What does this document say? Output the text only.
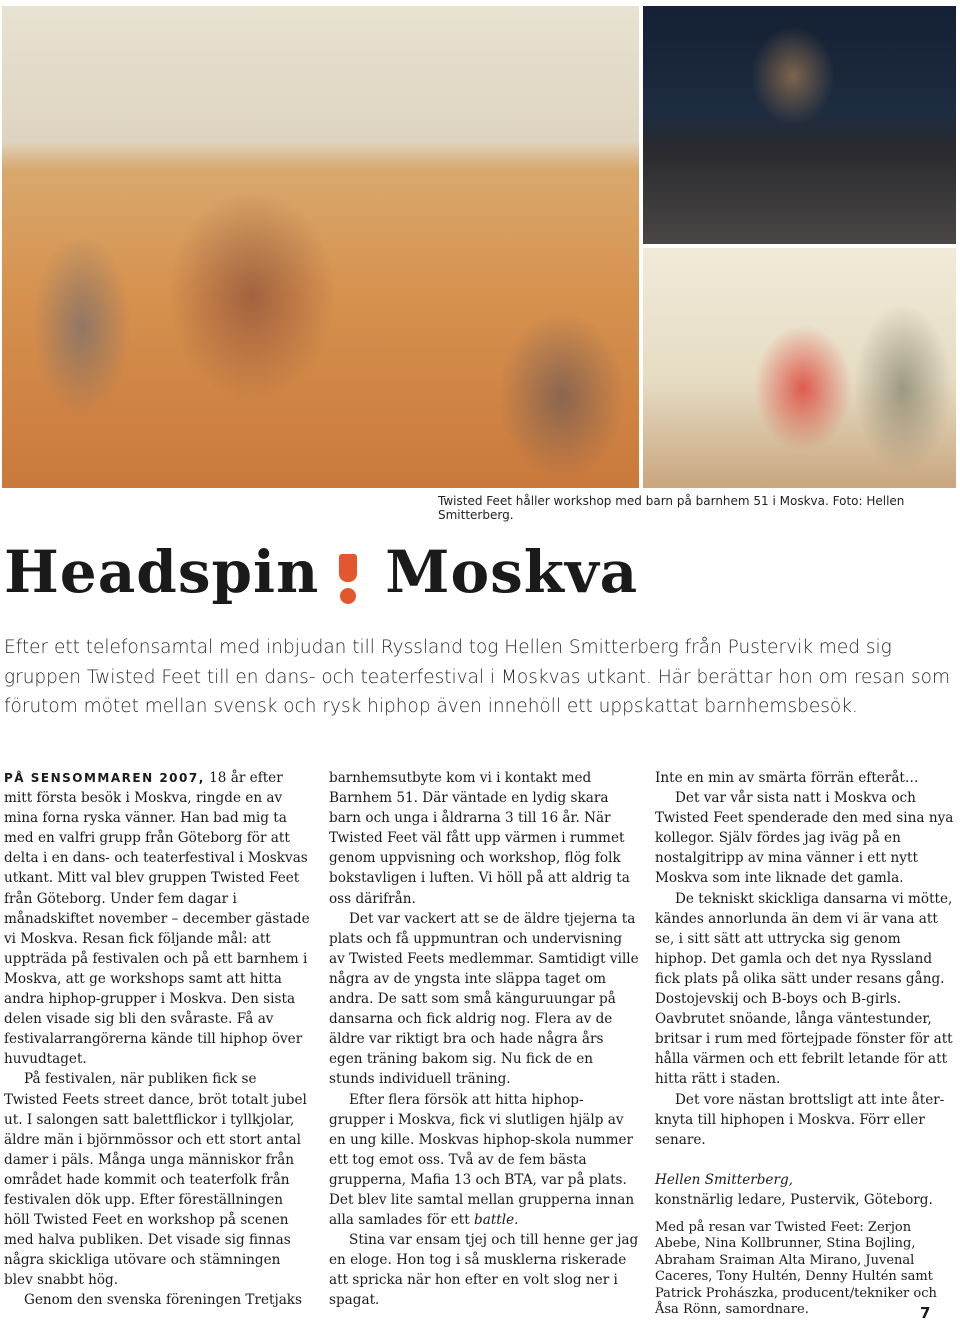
Twisted Feet håller workshop med barn på barnhem 51 i Moskva. Foto: Hellen Smitterberg.
Headspin Moskva
Efter ett telefonsamtal med inbjudan till Ryssland tog Hellen Smitterberg från Pustervik med sig gruppen Twisted Feet till en dans- och teaterfestival i Moskvas utkant. Här berättar hon om resan som förutom mötet mellan svensk och rysk hiphop även innehöll ett uppskattat barnhemsbesök.

PÅ SENSOMMAREN 2007, 18 år efter mitt första besök i Moskva, ringde en av mina forna ryska vänner. Han bad mig ta med en valfri grupp från Göteborg för att delta i en dans- och teaterfestival i Moskvas utkant. Mitt val blev gruppen Twisted Feet från Göteborg. Under fem dagar i månadskiftet november – december gästade vi Moskva. Resan fick följande mål: att uppträda på festivalen och på ett barnhem i Moskva, att ge workshops samt att hitta andra hiphop-grupper i Moskva. Den sista delen visade sig bli den svåraste. Få av festivalarrangörerna kände till hiphop över huvudtaget.

På festivalen, när publiken fick se Twisted Feets street dance, bröt totalt jubel ut. I salongen satt balettflickor i tyllkjolar, äldre män i björnmössor och ett stort antal damer i päls. Många unga människor från området hade kommit och teaterfolk från festivalen dök upp. Efter föreställningen höll Twisted Feet en workshop på scenen med halva publiken. Det visade sig finnas några skickliga utövare och stämningen blev snabbt hög.

Genom den svenska föreningen Tretjaks

barnhemsutbyte kom vi i kontakt med Barnhem 51. Där väntade en lydig skara barn och unga i åldrarna 3 till 16 år. När Twisted Feet väl fått upp värmen i rummet genom uppvisning och workshop, flög folk bokstavligen i luften. Vi höll på att aldrig ta oss därifrån.

Det var vackert att se de äldre tjejerna ta plats och få uppmuntran och undervisning av Twisted Feets medlemmar. Samtidigt ville några av de yngsta inte släppa taget om andra. De satt som små känguruungar på dansarna och fick aldrig nog. Flera av de äldre var riktigt bra och hade några års egen träning bakom sig. Nu fick de en stunds individuell träning.

Efter flera försök att hitta hiphop-grupper i Moskva, fick vi slutligen hjälp av en ung kille. Moskvas hiphop-skola nummer ett tog emot oss. Två av de fem bästa grupperna, Mafia 13 och BTA, var på plats. Det blev lite samtal mellan grupperna innan alla samlades för ett battle.

Stina var ensam tjej och till henne ger jag en eloge. Hon tog i så musklerna riskerade att spricka när hon efter en volt slog ner i spagat.

Inte en min av smärta förrän efteråt…

Det var vår sista natt i Moskva och Twisted Feet spenderade den med sina nya kollegor. Själv fördes jag iväg på en nostalgitripp av mina vänner i ett nytt Moskva som inte liknade det gamla.

De tekniskt skickliga dansarna vi mötte, kändes annorlunda än dem vi är vana att se, i sitt sätt att uttrycka sig genom hiphop. Det gamla och det nya Ryssland fick plats på olika sätt under resans gång. Dostojevskij och B-boys och B-girls. Oavbrutet snöande, långa väntestunder, britsar i rum med förtejpade fönster för att hålla värmen och ett febrilt letande för att hitta rätt i staden.

Det vore nästan brottsligt att inte åter-knyta till hiphopen i Moskva. Förr eller senare.

Hellen Smitterberg,

konstnärlig ledare, Pustervik, Göteborg.

Med på resan var Twisted Feet: Zerjon Abebe, Nina Kollbrunner, Stina Bojling, Abraham Sraiman Alta Mirano, Juvenal Caceres, Tony Hultén, Denny Hultén samt Patrick Prohászka, producent/tekniker och Åsa Rönn, samordnare.	7
